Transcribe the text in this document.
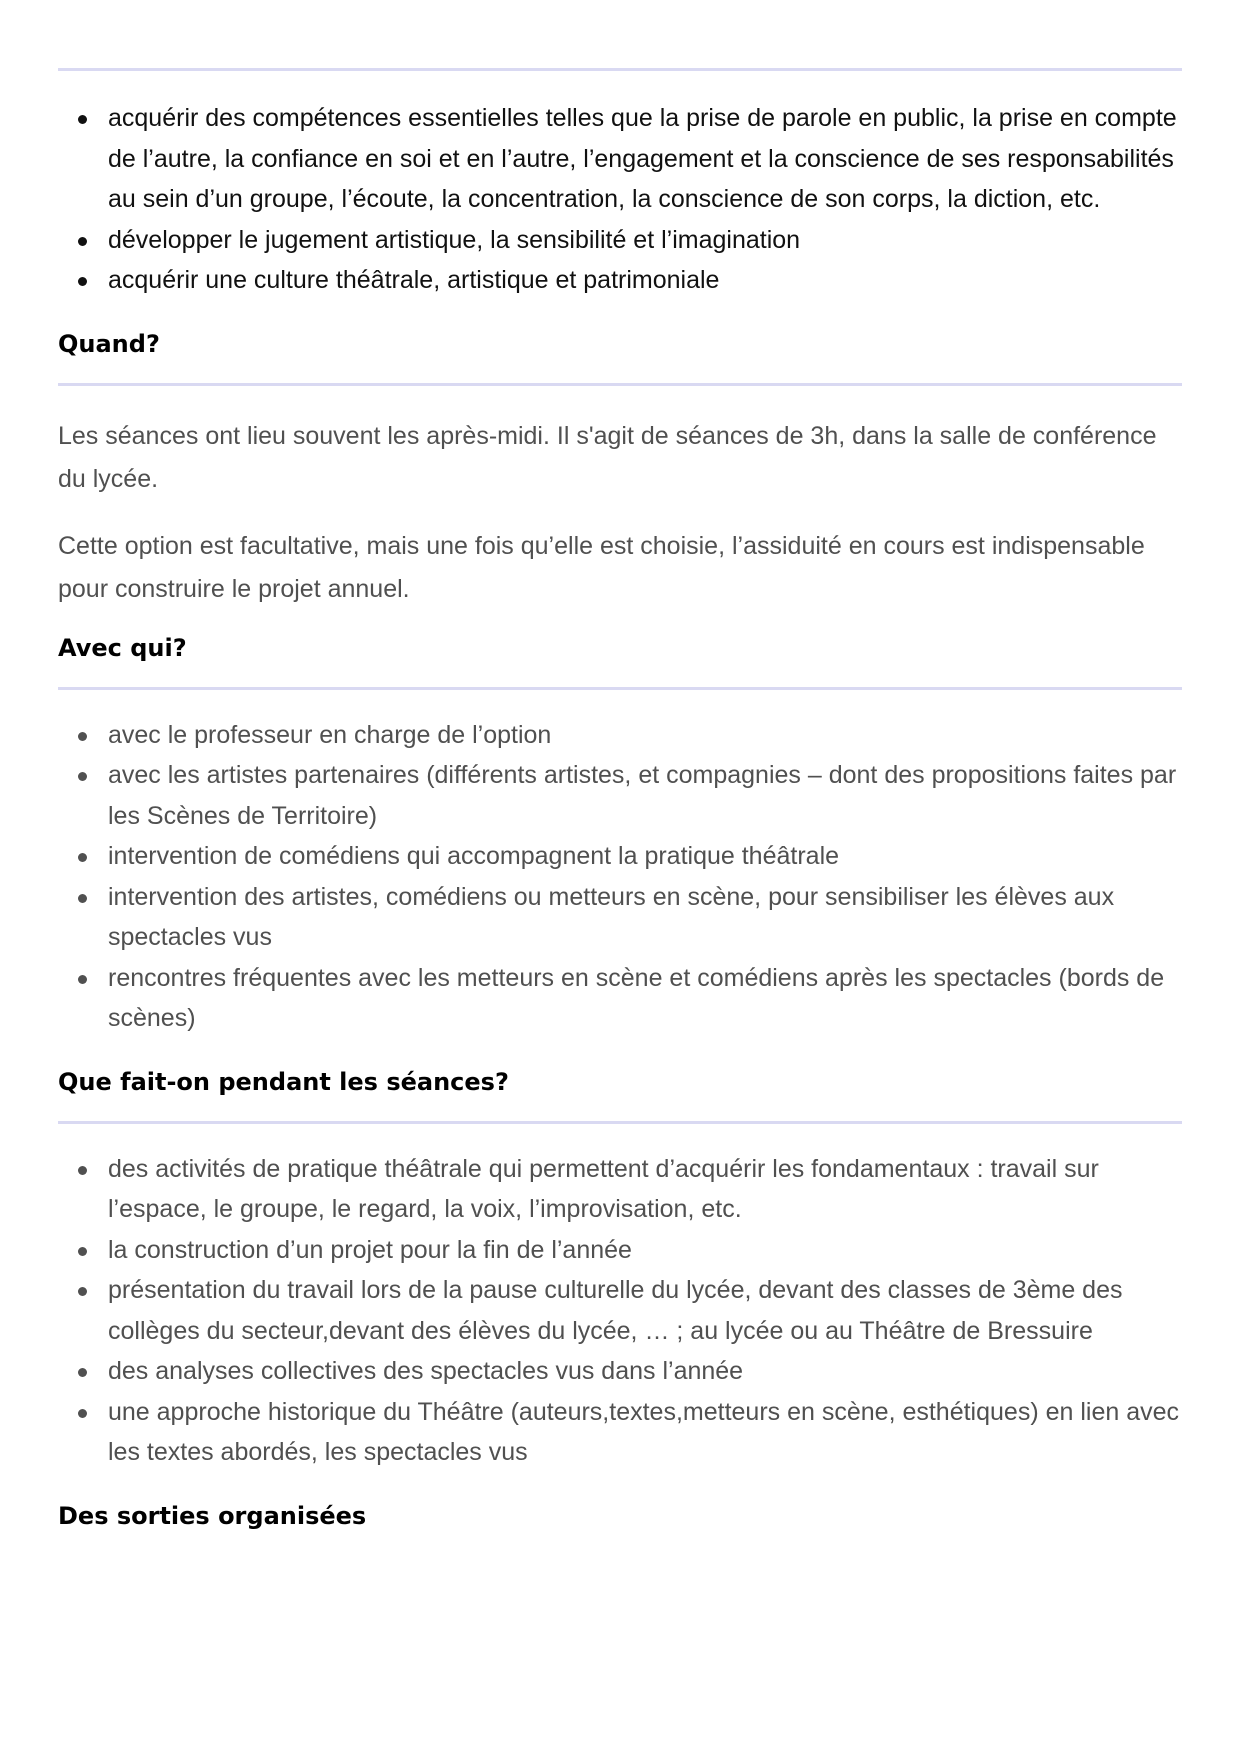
acquérir des compétences essentielles telles que la prise de parole en public, la prise en compte de l’autre, la confiance en soi et en l’autre, l’engagement et la conscience de ses responsabilités au sein d’un groupe, l’écoute, la concentration, la conscience de son corps, la diction, etc.
développer le jugement artistique, la sensibilité et l’imagination
acquérir une culture théâtrale, artistique et patrimoniale
Quand?

Les séances ont lieu souvent les après-midi. Il s'agit de séances de 3h, dans la salle de conférence du lycée.

Cette option est facultative, mais une fois qu’elle est choisie, l’assiduité en cours est indispensable pour construire le projet annuel.

Avec qui?
avec le professeur en charge de l’option
avec les artistes partenaires (différents artistes, et compagnies – dont des propositions faites par les Scènes de Territoire)
intervention de comédiens qui accompagnent la pratique théâtrale
intervention des artistes, comédiens ou metteurs en scène, pour sensibiliser les élèves aux spectacles vus
rencontres fréquentes avec les metteurs en scène et comédiens après les spectacles (bords de scènes)
Que fait-on pendant les séances?
des activités de pratique théâtrale qui permettent d’acquérir les fondamentaux : travail sur l’espace, le groupe, le regard, la voix, l’improvisation, etc.
la construction d’un projet pour la fin de l’année
présentation du travail lors de la pause culturelle du lycée, devant des classes de 3ème des collèges du secteur,devant des élèves du lycée, … ; au lycée ou au Théâtre de Bressuire
des analyses collectives des spectacles vus dans l’année
une approche historique du Théâtre (auteurs,textes,metteurs en scène, esthétiques) en lien avec les textes abordés, les spectacles vus
Des sorties organisées
